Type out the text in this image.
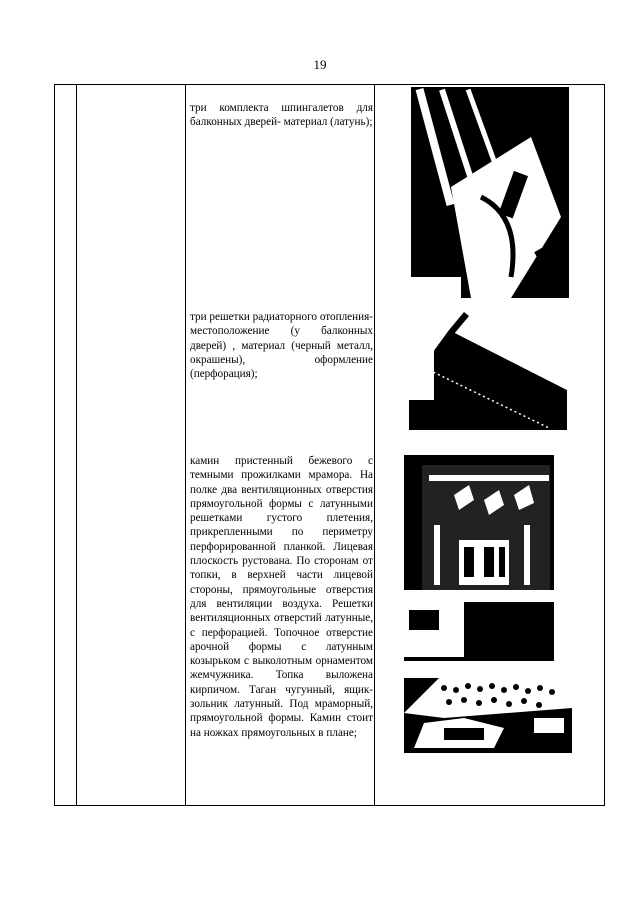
19
три комплекта шпингалетов для балконных дверей- материал (латунь);
три решетки радиаторного отопления- местоположение (у балконных дверей) , материал (черный металл, окрашены), оформление (перфорация);
камин пристенный бежевого с темными прожилками мрамора. На полке два вентиляционных отверстия прямоугольной формы с латунными решетками густого плетения, прикрепленными по периметру перфорированной планкой. Лицевая плоскость рустована. По сторонам от топки, в верхней части лицевой стороны, прямоугольные отверстия для вентиляции воздуха. Решетки вентиляционных отверстий латунные, с перфорацией. Топочное отверстие арочной формы с латунным козырьком с выколотным орнаментом жемчужника. Топка выложена кирпичом. Таган чугунный, ящик-зольник латунный. Под мраморный, прямоугольной формы. Камин стоит на ножках прямоугольных в плане;
